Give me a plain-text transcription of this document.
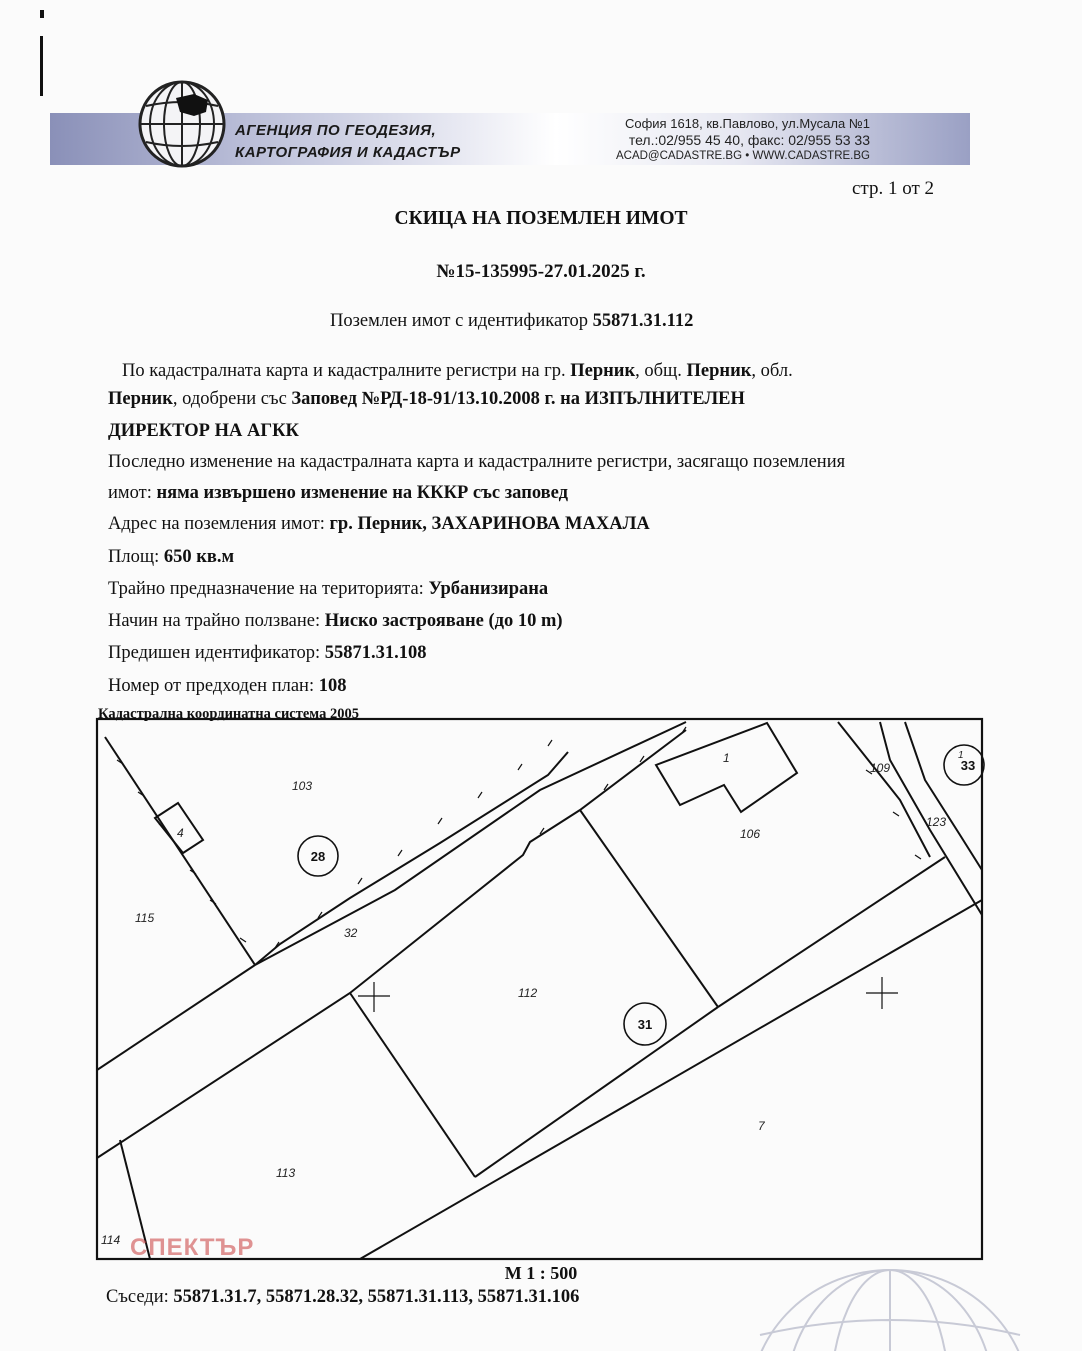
АГЕНЦИЯ ПО ГЕОДЕЗИЯ,
КАРТОГРАФИЯ И КАДАСТЪР
София 1618, кв.Павлово, ул.Мусала №1
тел.:02/955 45 40, факс: 02/955 53 33
ACAD@CADASTRE.BG • WWW.CADASTRE.BG
стр. 1 от 2
СКИЦА НА ПОЗЕМЛЕН ИМОТ
№15-135995-27.01.2025 г.
Поземлен имот с идентификатор 55871.31.112
По кадастралната карта и кадастралните регистри на гр. Перник, общ. Перник, обл.
Перник, одобрени със Заповед №РД-18-91/13.10.2008 г. на ИЗПЪЛНИТЕЛЕН
ДИРЕКТОР НА АГКК
Последно изменение на кадастралната карта и кадастралните регистри, засягащо поземления
имот: няма извършено изменение на КККР със заповед
Адрес на поземления имот: гр. Перник, ЗАХАРИНОВА МАХАЛА
Площ: 650 кв.м
Трайно предназначение на територията: Урбанизирана
Начин на трайно ползване: Ниско застрояване (до 10 m)
Предишен идентификатор: 55871.31.108
Номер от предходен план: 108
Кадастрална координатна система 2005
103
4
115
32
1
106
109
123
112
7
113
114
1
28
31
33
СПЕКТЪР
М 1 : 500
Съседи: 55871.31.7, 55871.28.32, 55871.31.113, 55871.31.106
